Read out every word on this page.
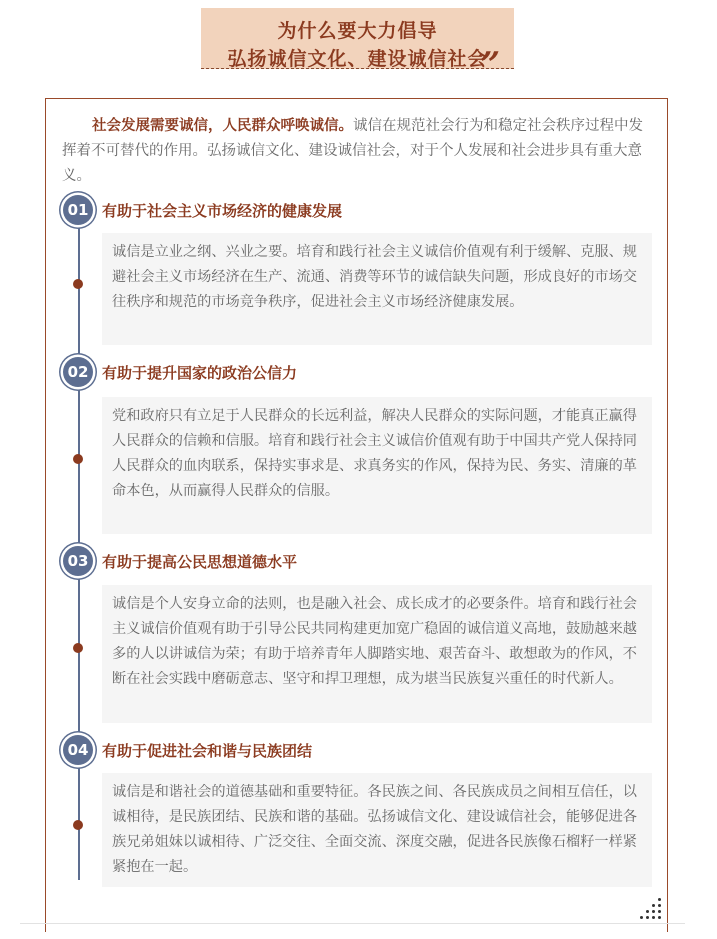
为什么要大力倡导
弘扬诚信文化、建设诚信社会
”
社会发展需要诚信，人民群众呼唤诚信。诚信在规范社会行为和稳定社会秩序过程中发挥着不可替代的作用。弘扬诚信文化、建设诚信社会，对于个人发展和社会进步具有重大意义。
01 有助于社会主义市场经济的健康发展
诚信是立业之纲、兴业之要。培育和践行社会主义诚信价值观有利于缓解、克服、规避社会主义市场经济在生产、流通、消费等环节的诚信缺失问题，形成良好的市场交往秩序和规范的市场竞争秩序，促进社会主义市场经济健康发展。
02 有助于提升国家的政治公信力
党和政府只有立足于人民群众的长远利益，解决人民群众的实际问题，才能真正赢得人民群众的信赖和信服。培育和践行社会主义诚信价值观有助于中国共产党人保持同人民群众的血肉联系，保持实事求是、求真务实的作风，保持为民、务实、清廉的革命本色，从而赢得人民群众的信服。
03 有助于提高公民思想道德水平
诚信是个人安身立命的法则，也是融入社会、成长成才的必要条件。培育和践行社会主义诚信价值观有助于引导公民共同构建更加宽广稳固的诚信道义高地，鼓励越来越多的人以讲诚信为荣；有助于培养青年人脚踏实地、艰苦奋斗、敢想敢为的作风，不断在社会实践中磨砺意志、坚守和捍卫理想，成为堪当民族复兴重任的时代新人。
04 有助于促进社会和谐与民族团结
诚信是和谐社会的道德基础和重要特征。各民族之间、各民族成员之间相互信任，以诚相待，是民族团结、民族和谐的基础。弘扬诚信文化、建设诚信社会，能够促进各族兄弟姐妹以诚相待、广泛交往、全面交流、深度交融，促进各民族像石榴籽一样紧紧抱在一起。
